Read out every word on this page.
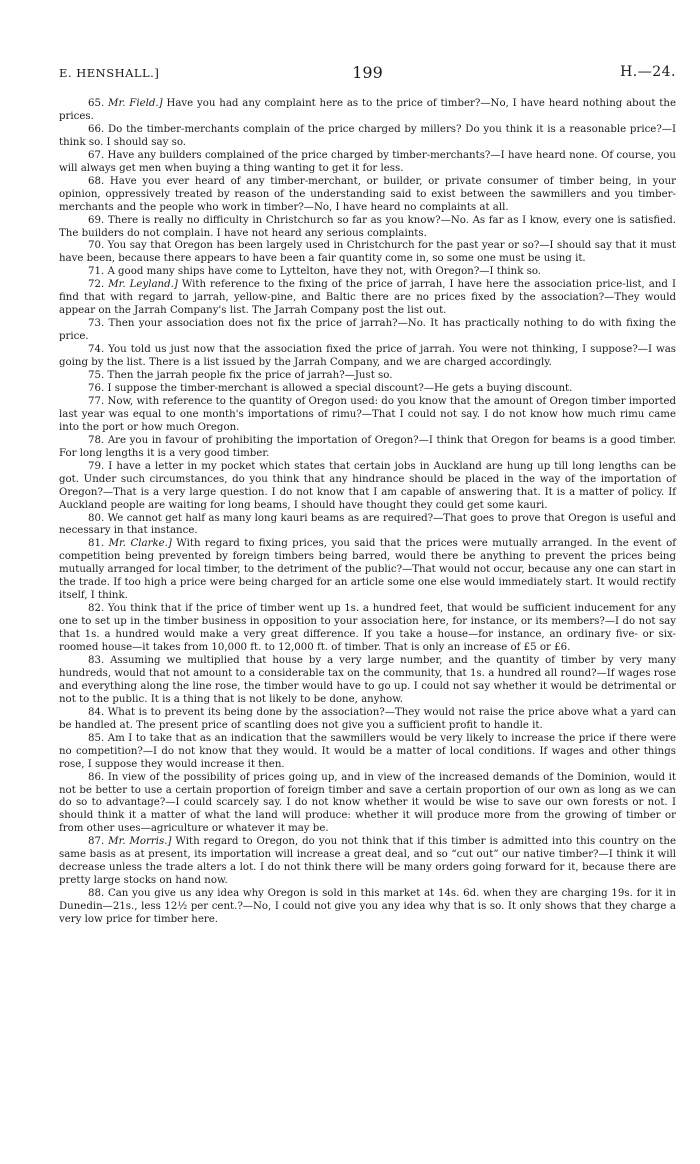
E. HENSHALL.]	199	H.—24.

65. Mr. Field.] Have you had any complaint here as to the price of timber?—No, I have heard nothing about the prices.

66. Do the timber-merchants complain of the price charged by millers? Do you think it is a reasonable price?—I think so. I should say so.

67. Have any builders complained of the price charged by timber-merchants?—I have heard none. Of course, you will always get men when buying a thing wanting to get it for less.

68. Have you ever heard of any timber-merchant, or builder, or private consumer of timber being, in your opinion, oppressively treated by reason of the understanding said to exist between the sawmillers and you timber-merchants and the people who work in timber?—No, I have heard no complaints at all.

69. There is really no difficulty in Christchurch so far as you know?—No. As far as I know, every one is satisfied. The builders do not complain. I have not heard any serious complaints.

70. You say that Oregon has been largely used in Christchurch for the past year or so?—I should say that it must have been, because there appears to have been a fair quantity come in, so some one must be using it.

71. A good many ships have come to Lyttelton, have they not, with Oregon?—I think so.

72. Mr. Leyland.] With reference to the fixing of the price of jarrah, I have here the association price-list, and I find that with regard to jarrah, yellow-pine, and Baltic there are no prices fixed by the association?—They would appear on the Jarrah Company's list. The Jarrah Company post the list out.

73. Then your association does not fix the price of jarrah?—No. It has practically nothing to do with fixing the price.

74. You told us just now that the association fixed the price of jarrah. You were not thinking, I suppose?—I was going by the list. There is a list issued by the Jarrah Company, and we are charged accordingly.

75. Then the jarrah people fix the price of jarrah?—Just so.

76. I suppose the timber-merchant is allowed a special discount?—He gets a buying discount.

77. Now, with reference to the quantity of Oregon used: do you know that the amount of Oregon timber imported last year was equal to one month's importations of rimu?—That I could not say. I do not know how much rimu came into the port or how much Oregon.

78. Are you in favour of prohibiting the importation of Oregon?—I think that Oregon for beams is a good timber. For long lengths it is a very good timber.

79. I have a letter in my pocket which states that certain jobs in Auckland are hung up till long lengths can be got. Under such circumstances, do you think that any hindrance should be placed in the way of the importation of Oregon?—That is a very large question. I do not know that I am capable of answering that. It is a matter of policy. If Auckland people are waiting for long beams, I should have thought they could get some kauri.

80. We cannot get half as many long kauri beams as are required?—That goes to prove that Oregon is useful and necessary in that instance.

81. Mr. Clarke.] With regard to fixing prices, you said that the prices were mutually arranged. In the event of competition being prevented by foreign timbers being barred, would there be anything to prevent the prices being mutually arranged for local timber, to the detriment of the public?—That would not occur, because any one can start in the trade. If too high a price were being charged for an article some one else would immediately start. It would rectify itself, I think.

82. You think that if the price of timber went up 1s. a hundred feet, that would be sufficient inducement for any one to set up in the timber business in opposition to your association here, for instance, or its members?—I do not say that 1s. a hundred would make a very great difference. If you take a house—for instance, an ordinary five- or six-roomed house—it takes from 10,000 ft. to 12,000 ft. of timber. That is only an increase of £5 or £6.

83. Assuming we multiplied that house by a very large number, and the quantity of timber by very many hundreds, would that not amount to a considerable tax on the community, that 1s. a hundred all round?—If wages rose and everything along the line rose, the timber would have to go up. I could not say whether it would be detrimental or not to the public. It is a thing that is not likely to be done, anyhow.

84. What is to prevent its being done by the association?—They would not raise the price above what a yard can be handled at. The present price of scantling does not give you a sufficient profit to handle it.

85. Am I to take that as an indication that the sawmillers would be very likely to increase the price if there were no competition?—I do not know that they would. It would be a matter of local conditions. If wages and other things rose, I suppose they would increase it then.

86. In view of the possibility of prices going up, and in view of the increased demands of the Dominion, would it not be better to use a certain proportion of foreign timber and save a certain proportion of our own as long as we can do so to advantage?—I could scarcely say. I do not know whether it would be wise to save our own forests or not. I should think it a matter of what the land will produce: whether it will produce more from the growing of timber or from other uses—agriculture or whatever it may be.

87. Mr. Morris.] With regard to Oregon, do you not think that if this timber is admitted into this country on the same basis as at present, its importation will increase a great deal, and so “cut out” our native timber?—I think it will decrease unless the trade alters a lot. I do not think there will be many orders going forward for it, because there are pretty large stocks on hand now.

88. Can you give us any idea why Oregon is sold in this market at 14s. 6d. when they are charging 19s. for it in Dunedin—21s., less 12½ per cent.?—No, I could not give you any idea why that is so. It only shows that they charge a very low price for timber here.
